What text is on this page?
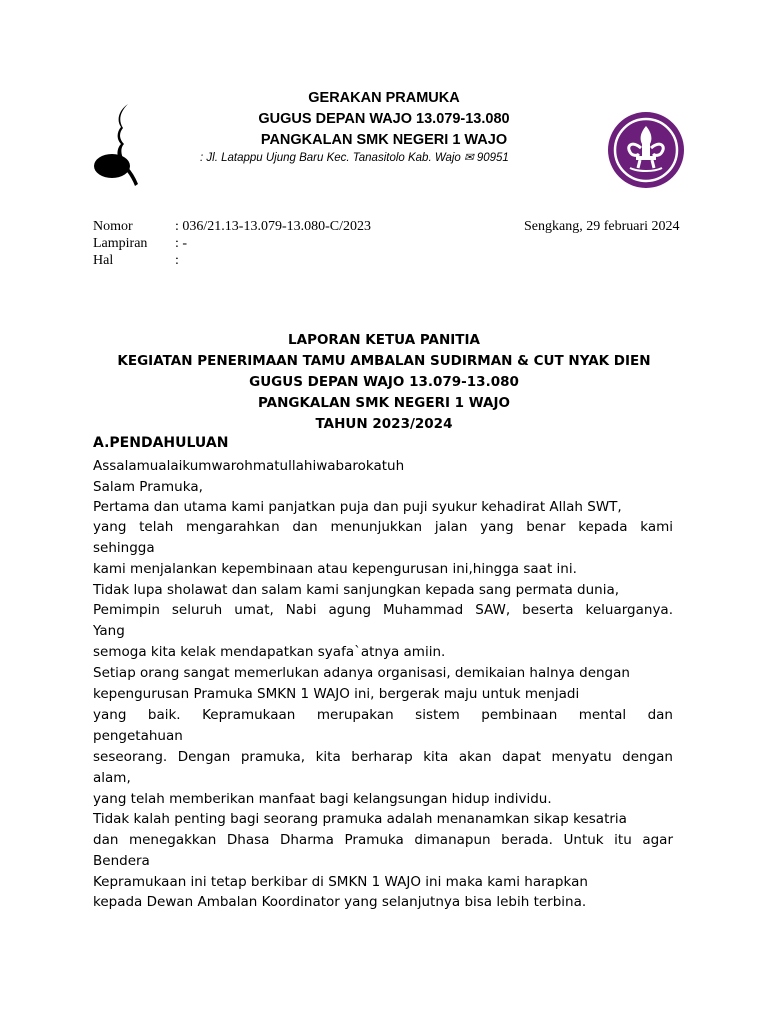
GERAKAN PRAMUKA
GUGUS DEPAN WAJO 13.079-13.080
PANGKALAN SMK NEGERI 1 WAJO
: Jl. Latappu Ujung Baru Kec. Tanasitolo Kab. Wajo ✉ 90951
Nomor	: 036/21.13-13.079-13.080-C/2023	Sengkang, 29 februari 2024
Lampiran : -
Hal	:
LAPORAN KETUA PANITIA
KEGIATAN PENERIMAAN TAMU AMBALAN SUDIRMAN & CUT NYAK DIEN
GUGUS DEPAN WAJO 13.079-13.080
PANGKALAN SMK NEGERI 1 WAJO
TAHUN 2023/2024
A.PENDAHULUAN
Assalamualaikumwarohmatullahiwabarokatuh
Salam Pramuka,
Pertama dan utama kami panjatkan puja dan puji syukur kehadirat Allah SWT,
yang telah mengarahkan dan menunjukkan jalan yang benar kepada kami
sehingga
kami menjalankan kepembinaan atau kepengurusan ini,hingga saat ini.
Tidak lupa sholawat dan salam kami sanjungkan kepada sang permata dunia,
Pemimpin seluruh umat, Nabi agung Muhammad SAW, beserta keluarganya.
Yang
semoga kita kelak mendapatkan syafa`atnya amiin.
Setiap orang sangat memerlukan adanya organisasi, demikaian halnya dengan
kepengurusan Pramuka SMKN 1 WAJO ini, bergerak maju untuk menjadi
yang baik. Kepramukaan merupakan sistem pembinaan mental dan
pengetahuan
seseorang. Dengan pramuka, kita berharap kita akan dapat menyatu dengan
alam,
yang telah memberikan manfaat bagi kelangsungan hidup individu.
Tidak kalah penting bagi seorang pramuka adalah menanamkan sikap kesatria
dan menegakkan Dhasa Dharma Pramuka dimanapun berada. Untuk itu agar
Bendera
Kepramukaan ini tetap berkibar di SMKN 1 WAJO ini maka kami harapkan
kepada Dewan Ambalan Koordinator yang selanjutnya bisa lebih terbina.
